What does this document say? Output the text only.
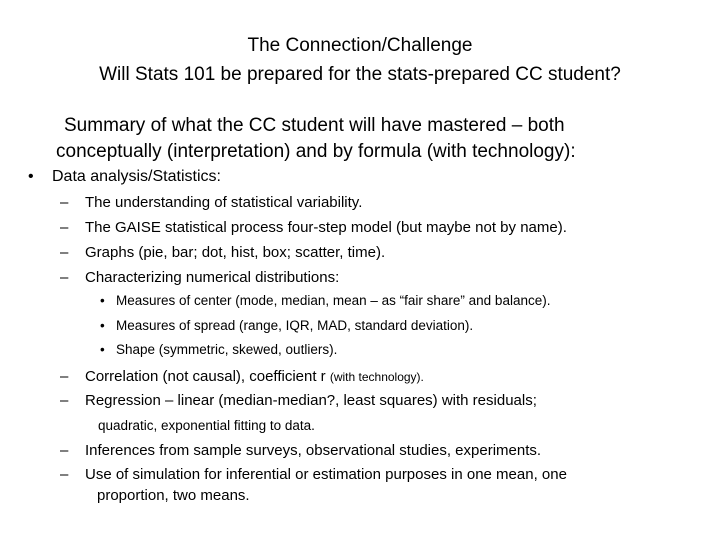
The Connection/Challenge
Will Stats 101 be prepared for the stats-prepared CC student?
Summary of what the CC student will have mastered – both
conceptually (interpretation) and by formula (with technology):
• Data analysis/Statistics:
– The understanding of statistical variability.
– The GAISE statistical process four-step model (but maybe not by name).
– Graphs (pie, bar; dot, hist, box; scatter, time).
– Characterizing numerical distributions:
• Measures of center (mode, median, mean – as “fair share” and balance).
• Measures of spread (range, IQR, MAD, standard deviation).
• Shape (symmetric, skewed, outliers).
– Correlation (not causal), coefficient r (with technology).
– Regression – linear (median-median?, least squares) with residuals;
quadratic, exponential fitting to data.
– Inferences from sample surveys, observational studies, experiments.
– Use of simulation for inferential or estimation purposes in one mean, one
proportion, two means.
